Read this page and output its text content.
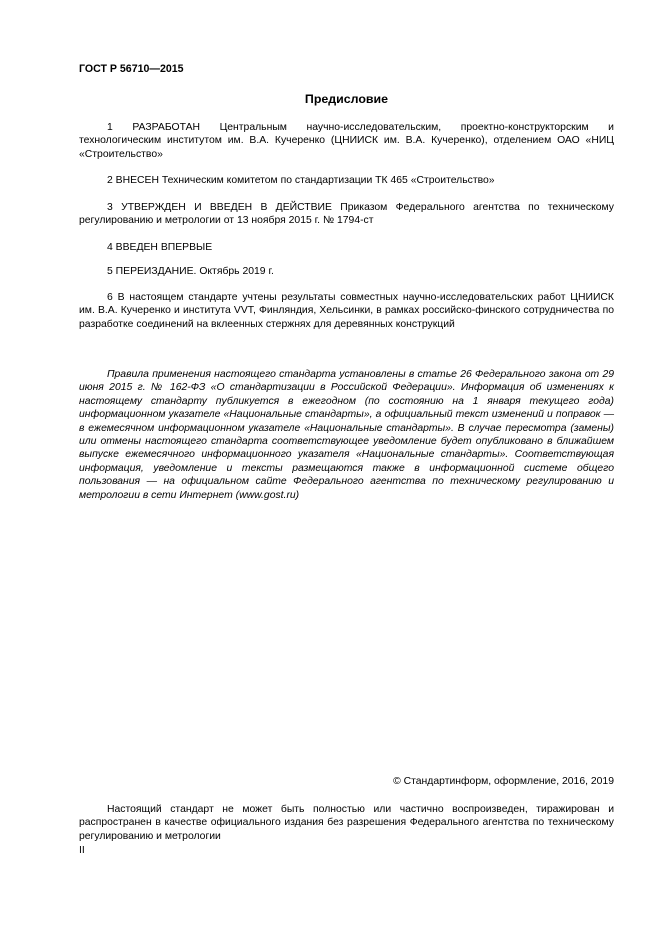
ГОСТ Р 56710—2015
Предисловие

1 РАЗРАБОТАН Центральным научно-исследовательским, проектно-конструкторским и технологическим институтом им. В.А. Кучеренко (ЦНИИСК им. В.А. Кучеренко), отделением ОАО «НИЦ «Строительство»

2 ВНЕСЕН Техническим комитетом по стандартизации ТК 465 «Строительство»

3 УТВЕРЖДЕН И ВВЕДЕН В ДЕЙСТВИЕ Приказом Федерального агентства по техническому регулированию и метрологии от 13 ноября 2015 г. № 1794-ст

4 ВВЕДЕН ВПЕРВЫЕ

5 ПЕРЕИЗДАНИЕ. Октябрь 2019 г.

6 В настоящем стандарте учтены результаты совместных научно-исследовательских работ ЦНИИСК им. В.А. Кучеренко и института VVT, Финляндия, Хельсинки, в рамках российско-финского сотрудничества по разработке соединений на вклеенных стержнях для деревянных конструкций

Правила применения настоящего стандарта установлены в статье 26 Федерального закона от 29 июня 2015 г. № 162-ФЗ «О стандартизации в Российской Федерации». Информация об изменениях к настоящему стандарту публикуется в ежегодном (по состоянию на 1 января текущего года) информационном указателе «Национальные стандарты», а официальный текст изменений и поправок — в ежемесячном информационном указателе «Национальные стандарты». В случае пересмотра (замены) или отмены настоящего стандарта соответствующее уведомление будет опубликовано в ближайшем выпуске ежемесячного информационного указателя «Национальные стандарты». Соответствующая информация, уведомление и тексты размещаются также в информационной системе общего пользования — на официальном сайте Федерального агентства по техническому регулированию и метрологии в сети Интернет (www.gost.ru)

© Стандартинформ, оформление, 2016, 2019

Настоящий стандарт не может быть полностью или частично воспроизведен, тиражирован и распространен в качестве официального издания без разрешения Федерального агентства по техническому регулированию и метрологии

II
